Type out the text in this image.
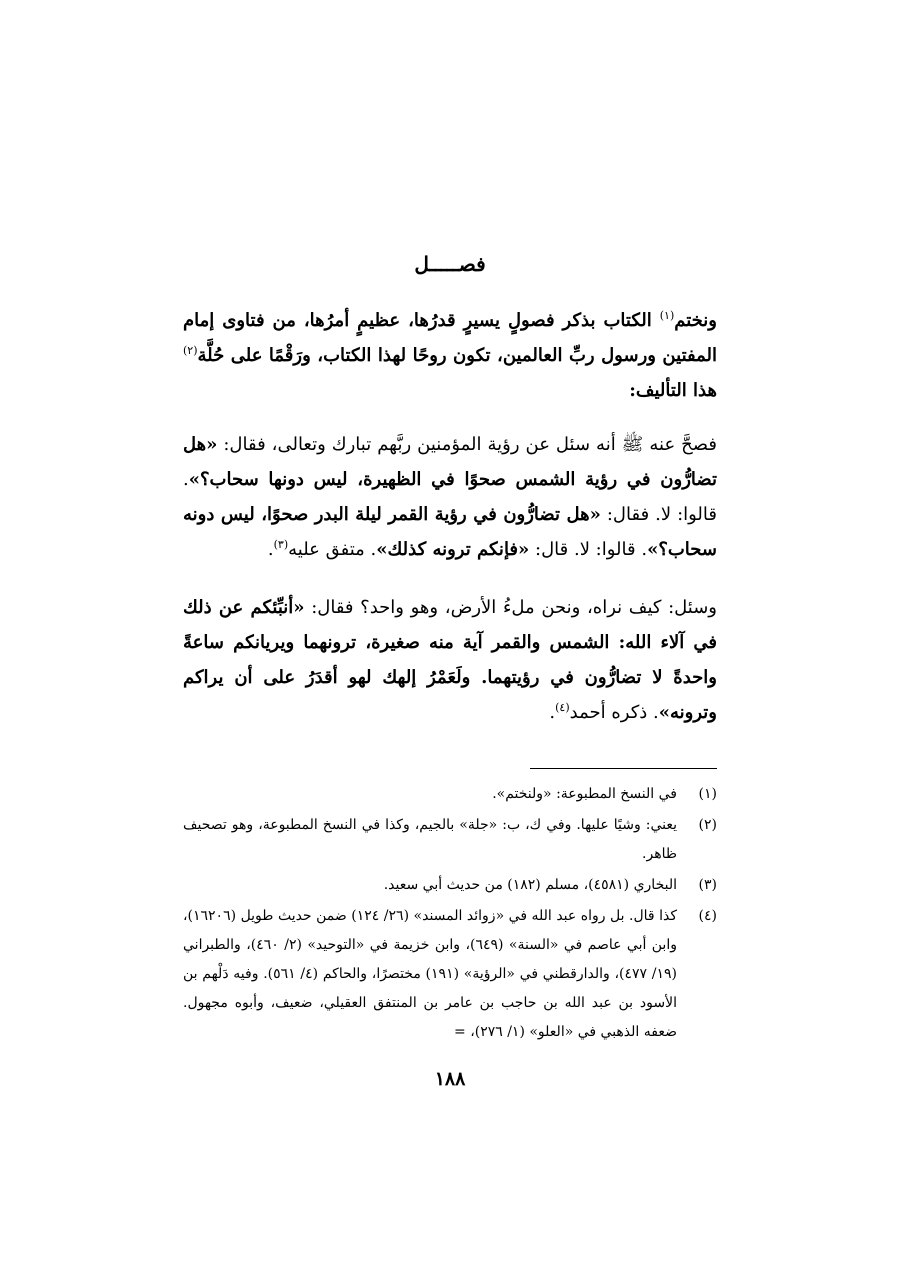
فصـــــل

ونختم$^{(١)}$ الكتاب بذكر فصولٍ يسيرٍ قدرُها، عظيمٍ أمرُها، من فتاوى إمام المفتين ورسول ربِّ العالمين، تكون روحًا لهذا الكتاب، ورَقْمًا على حُلَّة$^{(٢)}$ هذا التأليف:

فصحَّ عنه ﷺ أنه سئل عن رؤية المؤمنين ربَّهم تبارك وتعالى، فقال: «هل تضارُّون في رؤية الشمس صحوًا في الظهيرة، ليس دونها سحاب؟». قالوا: لا. فقال: «هل تضارُّون في رؤية القمر ليلة البدر صحوًا، ليس دونه سحاب؟». قالوا: لا. قال: «فإنكم ترونه كذلك». متفق عليه$^{(٣)}$.

وسئل: كيف نراه، ونحن ملءُ الأرض، وهو واحد؟ فقال: «أنبِّئكم عن ذلك في آلاء الله: الشمس والقمر آية منه صغيرة، ترونهما ويريانكم ساعةً واحدةً لا تضارُّون في رؤيتهما. ولَعَمْرُ إلهك لهو أقدَرُ على أن يراكم وترونه». ذكره أحمد$^{(٤)}$.

(١)
في النسخ المطبوعة: «ولنختم».
(٢)
يعني: وشيًا عليها. وفي ك، ب: «جلة» بالجيم، وكذا في النسخ المطبوعة، وهو تصحيف ظاهر.
(٣)
البخاري (٤٥٨١)، مسلم (١٨٢) من حديث أبي سعيد.
(٤)
كذا قال. بل رواه عبد الله في «زوائد المسند» (٢٦/ ١٢٤) ضمن حديث طويل (١٦٢٠٦)، وابن أبي عاصم في «السنة» (٦٤٩)، وابن خزيمة في «التوحيد» (٢/ ٤٦٠)، والطبراني (١٩/ ٤٧٧)، والدارقطني في «الرؤية» (١٩١) مختصرًا، والحاكم (٤/ ٥٦١). وفيه دَلْهم بن الأسود بن عبد الله بن حاجب بن عامر بن المنتفق العقيلي، ضعيف، وأبوه مجهول. ضعفه الذهبي في «العلو» (١/ ٢٧٦)، =
١٨٨
